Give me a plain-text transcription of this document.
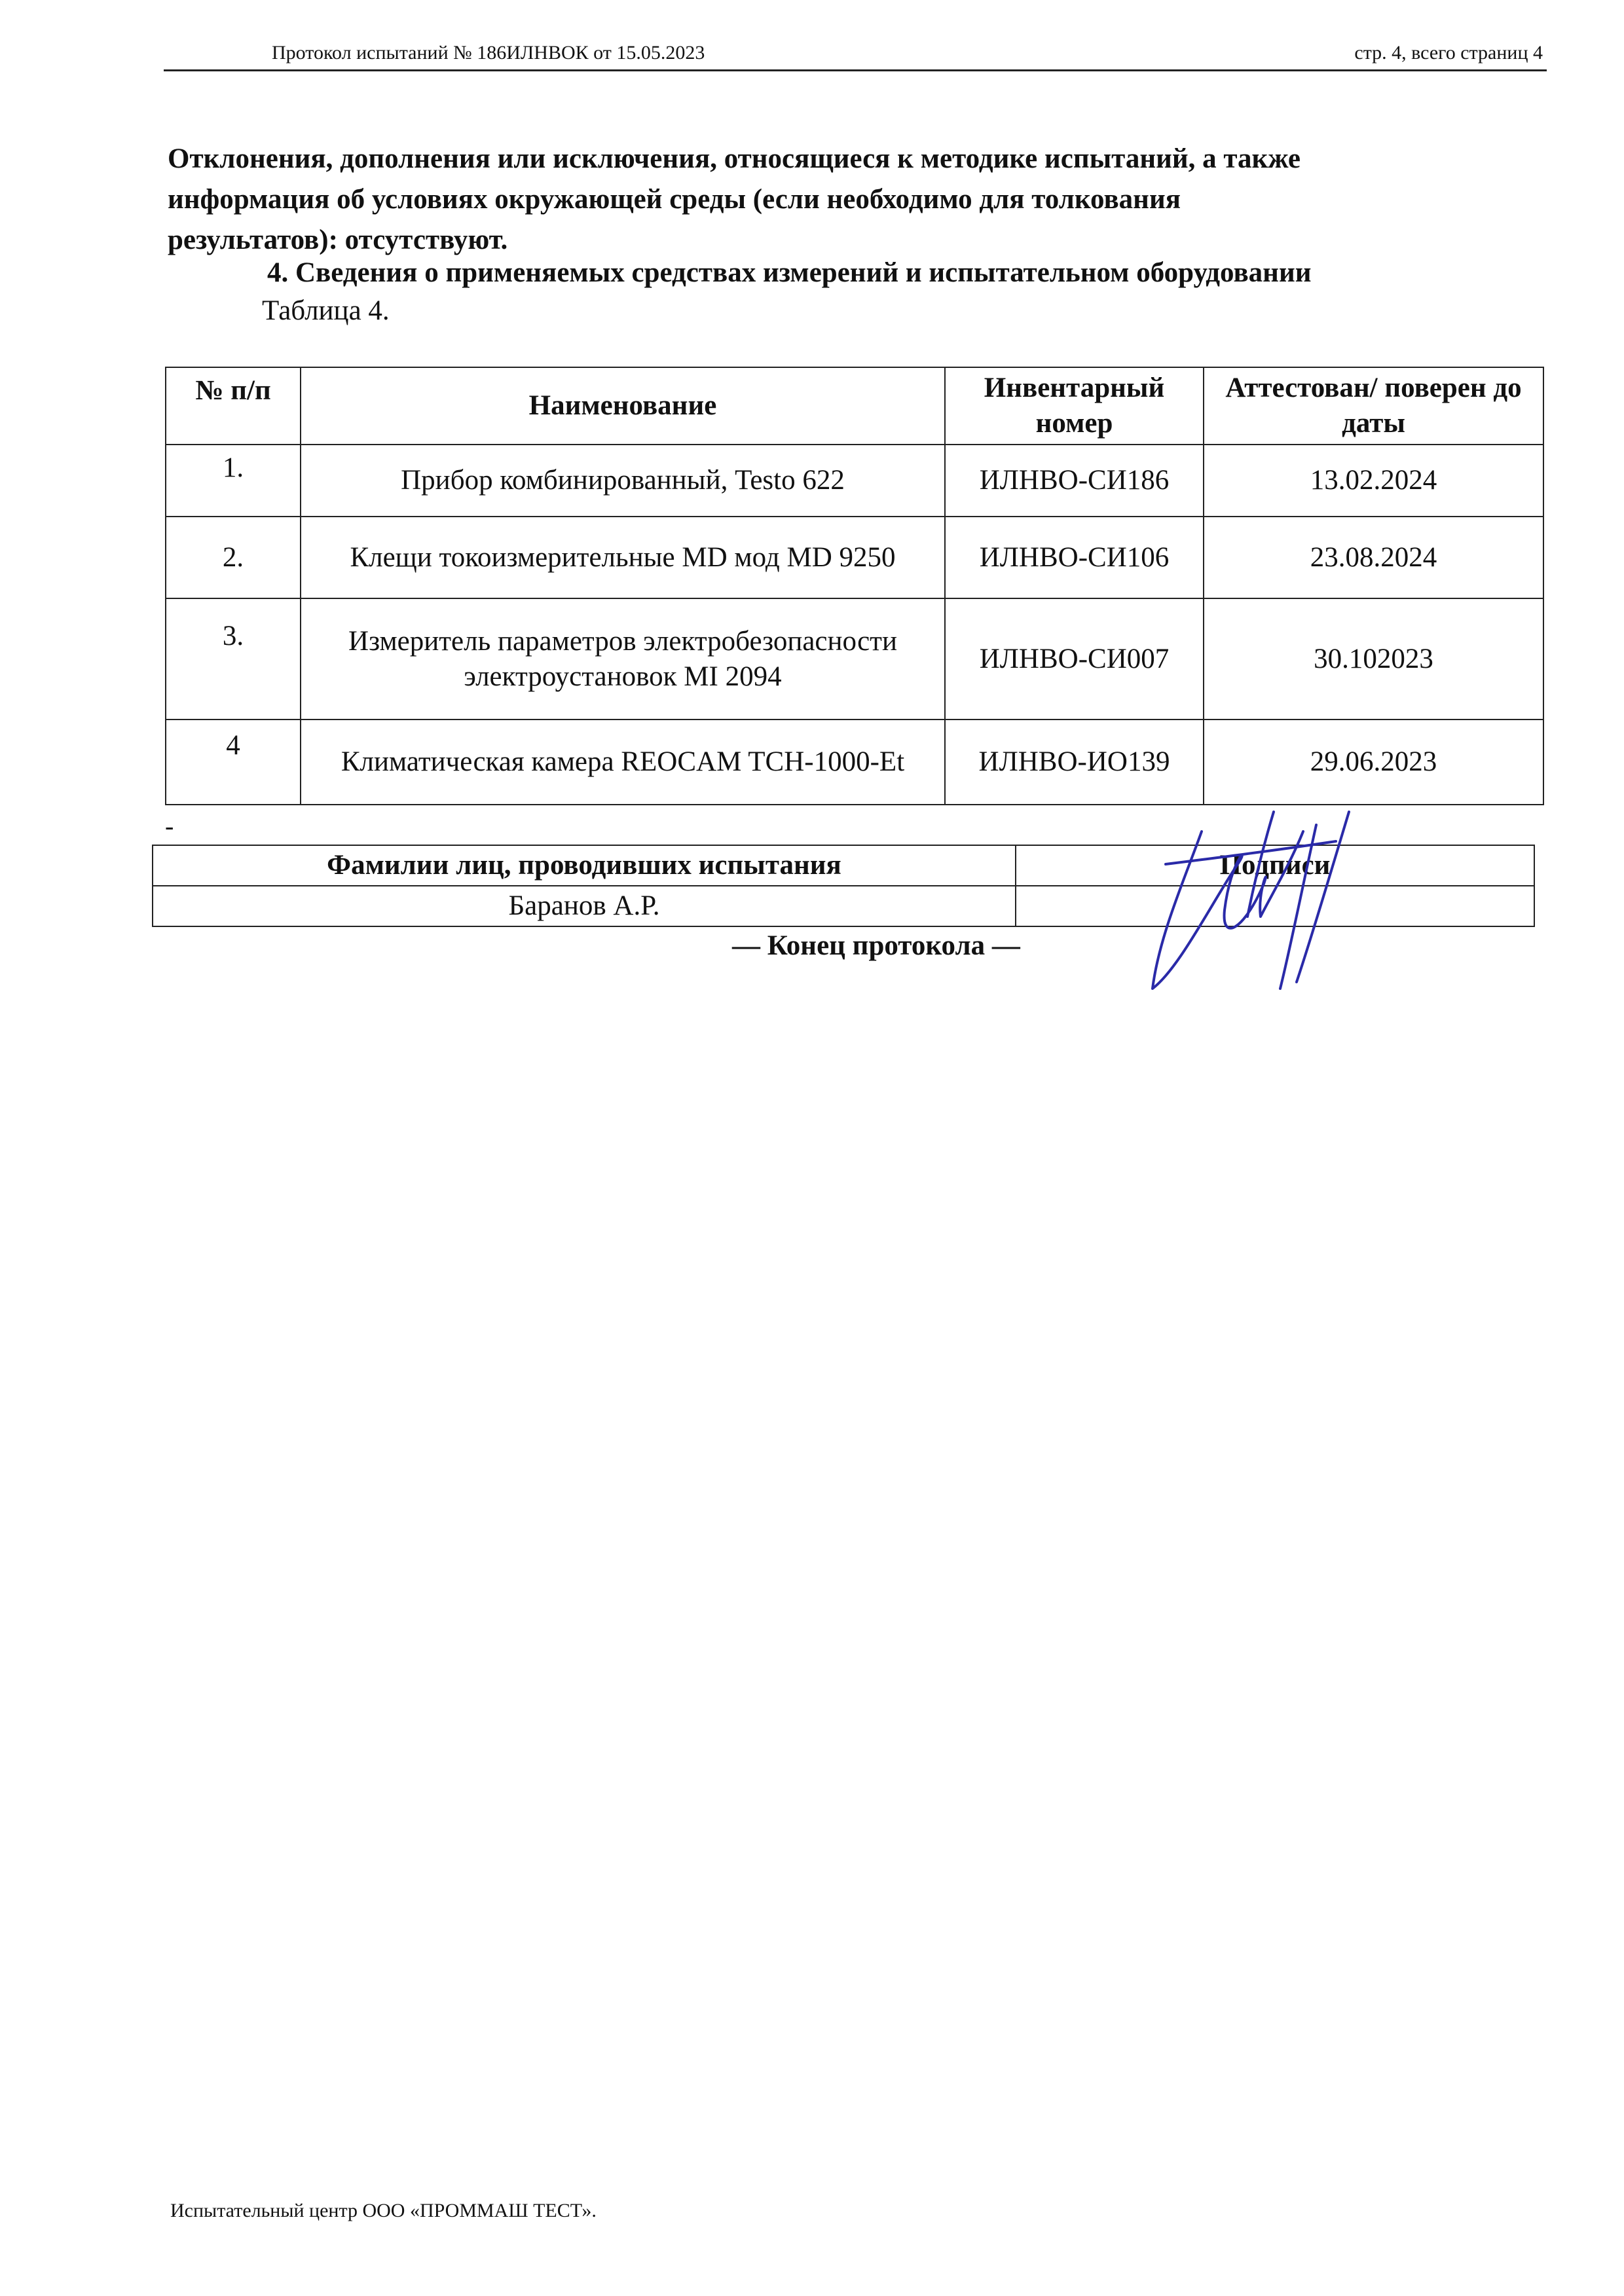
Протокол испытаний № 186ИЛНВОК от 15.05.2023	стр. 4, всего страниц 4
Отклонения, дополнения или исключения, относящиеся к методике испытаний, а также
информация об условиях окружающей среды (если необходимо для толкования
результатов): отсутствуют.
4. Сведения о применяемых средствах измерений и испытательном оборудовании
Таблица 4.
№ п/п	Наименование	Инвентарный номер	Аттестован/ поверен до даты
1.	Прибор комбинированный, Testo 622	ИЛНВО-СИ186	13.02.2024
2.	Клещи токоизмерительные MD мод MD 9250	ИЛНВО-СИ106	23.08.2024
3.	Измеритель параметров электробезопасности электроустановок MI 2094	ИЛНВО-СИ007	30.102023
4	Климатическая камера REOCAM TCH-1000-Et	ИЛНВО-ИО139	29.06.2023
-
Фамилии лиц, проводивших испытания	Подписи
Баранов А.Р.	
— Конец протокола —
Испытательный центр ООО «ПРОММАШ ТЕСТ».
